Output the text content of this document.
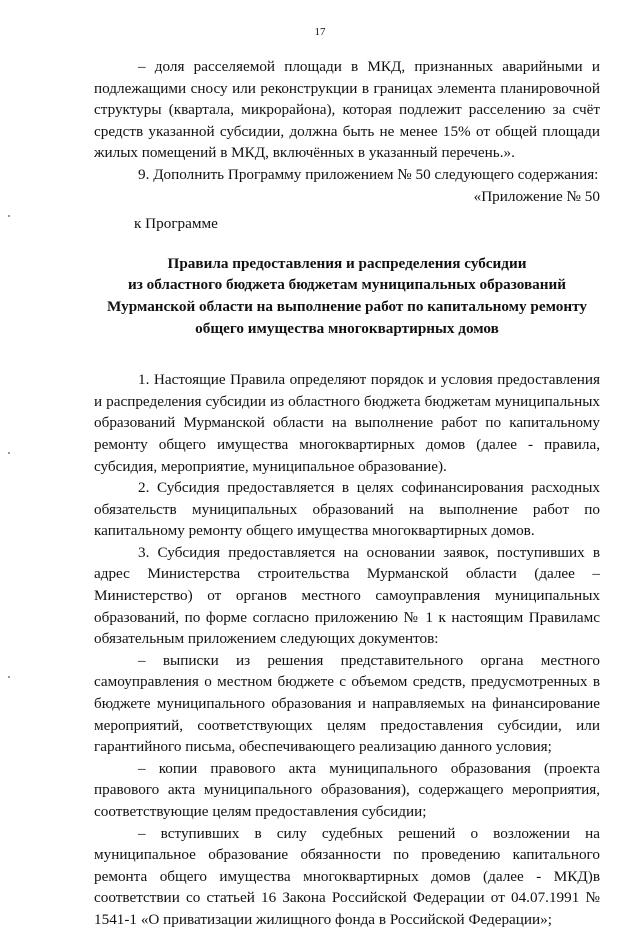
17

– доля расселяемой площади в МКД, признанных аварийными и подлежащими сносу или реконструкции в границах элемента планировочной структуры (квартала, микрорайона), которая подлежит расселению за счёт средств указанной субсидии, должна быть не менее 15% от общей площади жилых помещений в МКД, включённых в указанный перечень.».

9. Дополнить Программу приложением № 50 следующего содержания:

«Приложение № 50

к Программе

Правила предоставления и распределения субсидии
из областного бюджета бюджетам муниципальных образований
Мурманской области на выполнение работ по капитальному ремонту
общего имущества многоквартирных домов

1. Настоящие Правила определяют порядок и условия предоставления и распределения субсидии из областного бюджета бюджетам муниципальных образований Мурманской области на выполнение работ по капитальному ремонту общего имущества многоквартирных домов (далее - правила, субсидия, мероприятие, муниципальное образование).

2. Субсидия предоставляется в целях софинансирования расходных обязательств муниципальных образований на выполнение работ по капитальному ремонту общего имущества многоквартирных домов.

3. Субсидия предоставляется на основании заявок, поступивших в адрес Министерства строительства Мурманской области (далее – Министерство) от органов местного самоуправления муниципальных образований, по форме согласно приложению № 1 к настоящим Правиламс обязательным приложением следующих документов:

– выписки из решения представительного органа местного самоуправления о местном бюджете с объемом средств, предусмотренных в бюджете муниципального образования и направляемых на финансирование мероприятий, соответствующих целям предоставления субсидии, или гарантийного письма, обеспечивающего реализацию данного условия;

– копии правового акта муниципального образования (проекта правового акта муниципального образования), содержащего мероприятия, соответствующие целям предоставления субсидии;

– вступивших в силу судебных решений о возложении на муниципальное образование обязанности по проведению капитального ремонта общего имущества многоквартирных домов (далее - МКД)в соответствии со статьей 16 Закона Российской Федерации от 04.07.1991 № 1541-1 «О приватизации жилищного фонда в Российской Федерации»;
